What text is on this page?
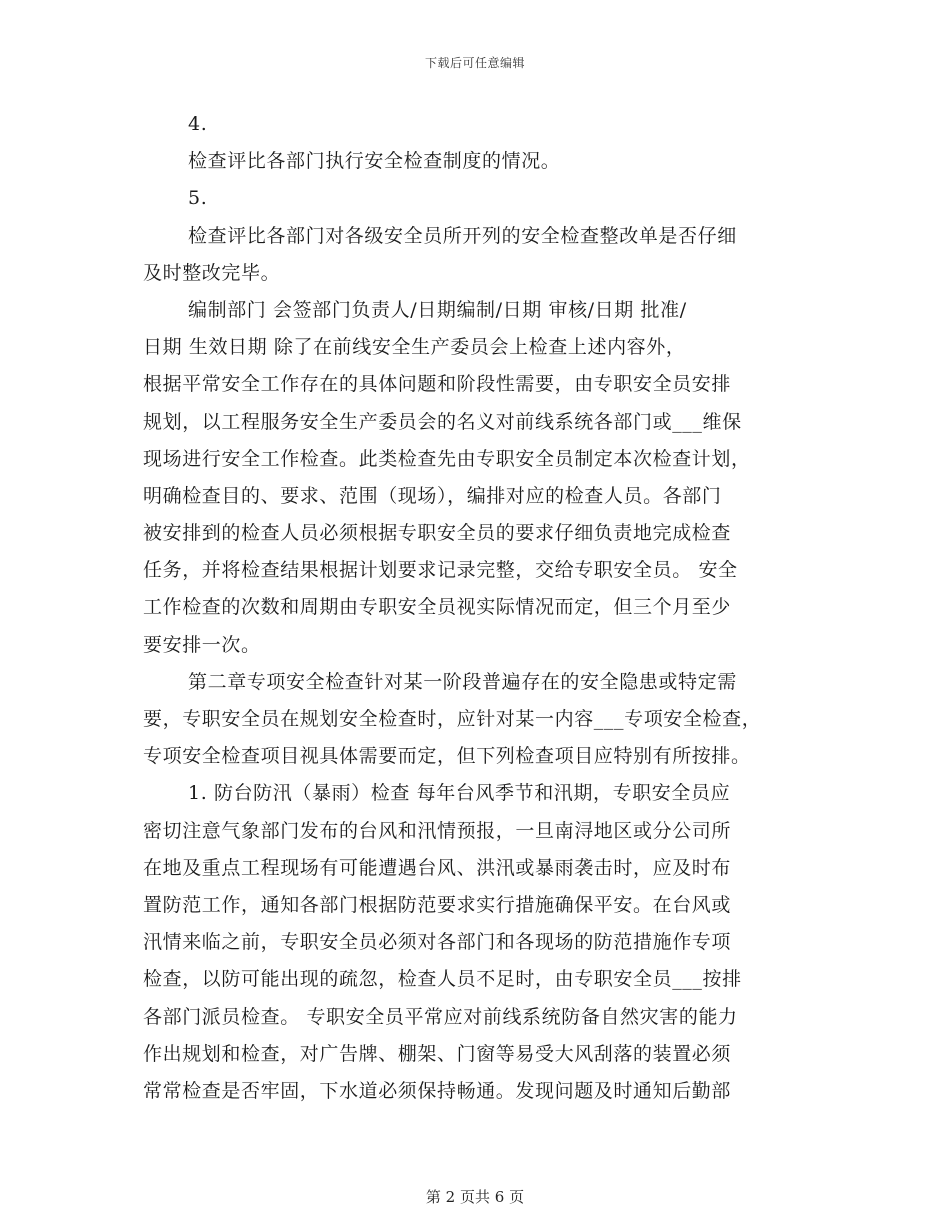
下载后可任意编辑
4.
检查评比各部门执行安全检查制度的情况。
5.
检查评比各部门对各级安全员所开列的安全检查整改单是否仔细
及时整改完毕。
编制部门 会签部门负责人/日期编制/日期 审核/日期 批准/
日期 生效日期 除了在前线安全生产委员会上检查上述内容外，
根据平常安全工作存在的具体问题和阶段性需要，由专职安全员安排
规划，以工程服务安全生产委员会的名义对前线系统各部门或___维保
现场进行安全工作检查。此类检查先由专职安全员制定本次检查计划，
明确检查目的、要求、范围（现场），编排对应的检查人员。各部门
被安排到的检查人员必须根据专职安全员的要求仔细负责地完成检查
任务，并将检查结果根据计划要求记录完整，交给专职安全员。 安全
工作检查的次数和周期由专职安全员视实际情况而定，但三个月至少
要安排一次。
第二章专项安全检查针对某一阶段普遍存在的安全隐患或特定需
要，专职安全员在规划安全检查时，应针对某一内容___专项安全检查，
专项安全检查项目视具体需要而定，但下列检查项目应特别有所按排。
1. 防台防汛（暴雨）检查 每年台风季节和汛期，专职安全员应
密切注意气象部门发布的台风和汛情预报，一旦南浔地区或分公司所
在地及重点工程现场有可能遭遇台风、洪汛或暴雨袭击时，应及时布
置防范工作，通知各部门根据防范要求实行措施确保平安。在台风或
汛情来临之前，专职安全员必须对各部门和各现场的防范措施作专项
检查，以防可能出现的疏忽，检查人员不足时，由专职安全员___按排
各部门派员检查。 专职安全员平常应对前线系统防备自然灾害的能力
作出规划和检查，对广告牌、棚架、门窗等易受大风刮落的装置必须
常常检查是否牢固，下水道必须保持畅通。发现问题及时通知后勤部
第 2 页共 6 页
